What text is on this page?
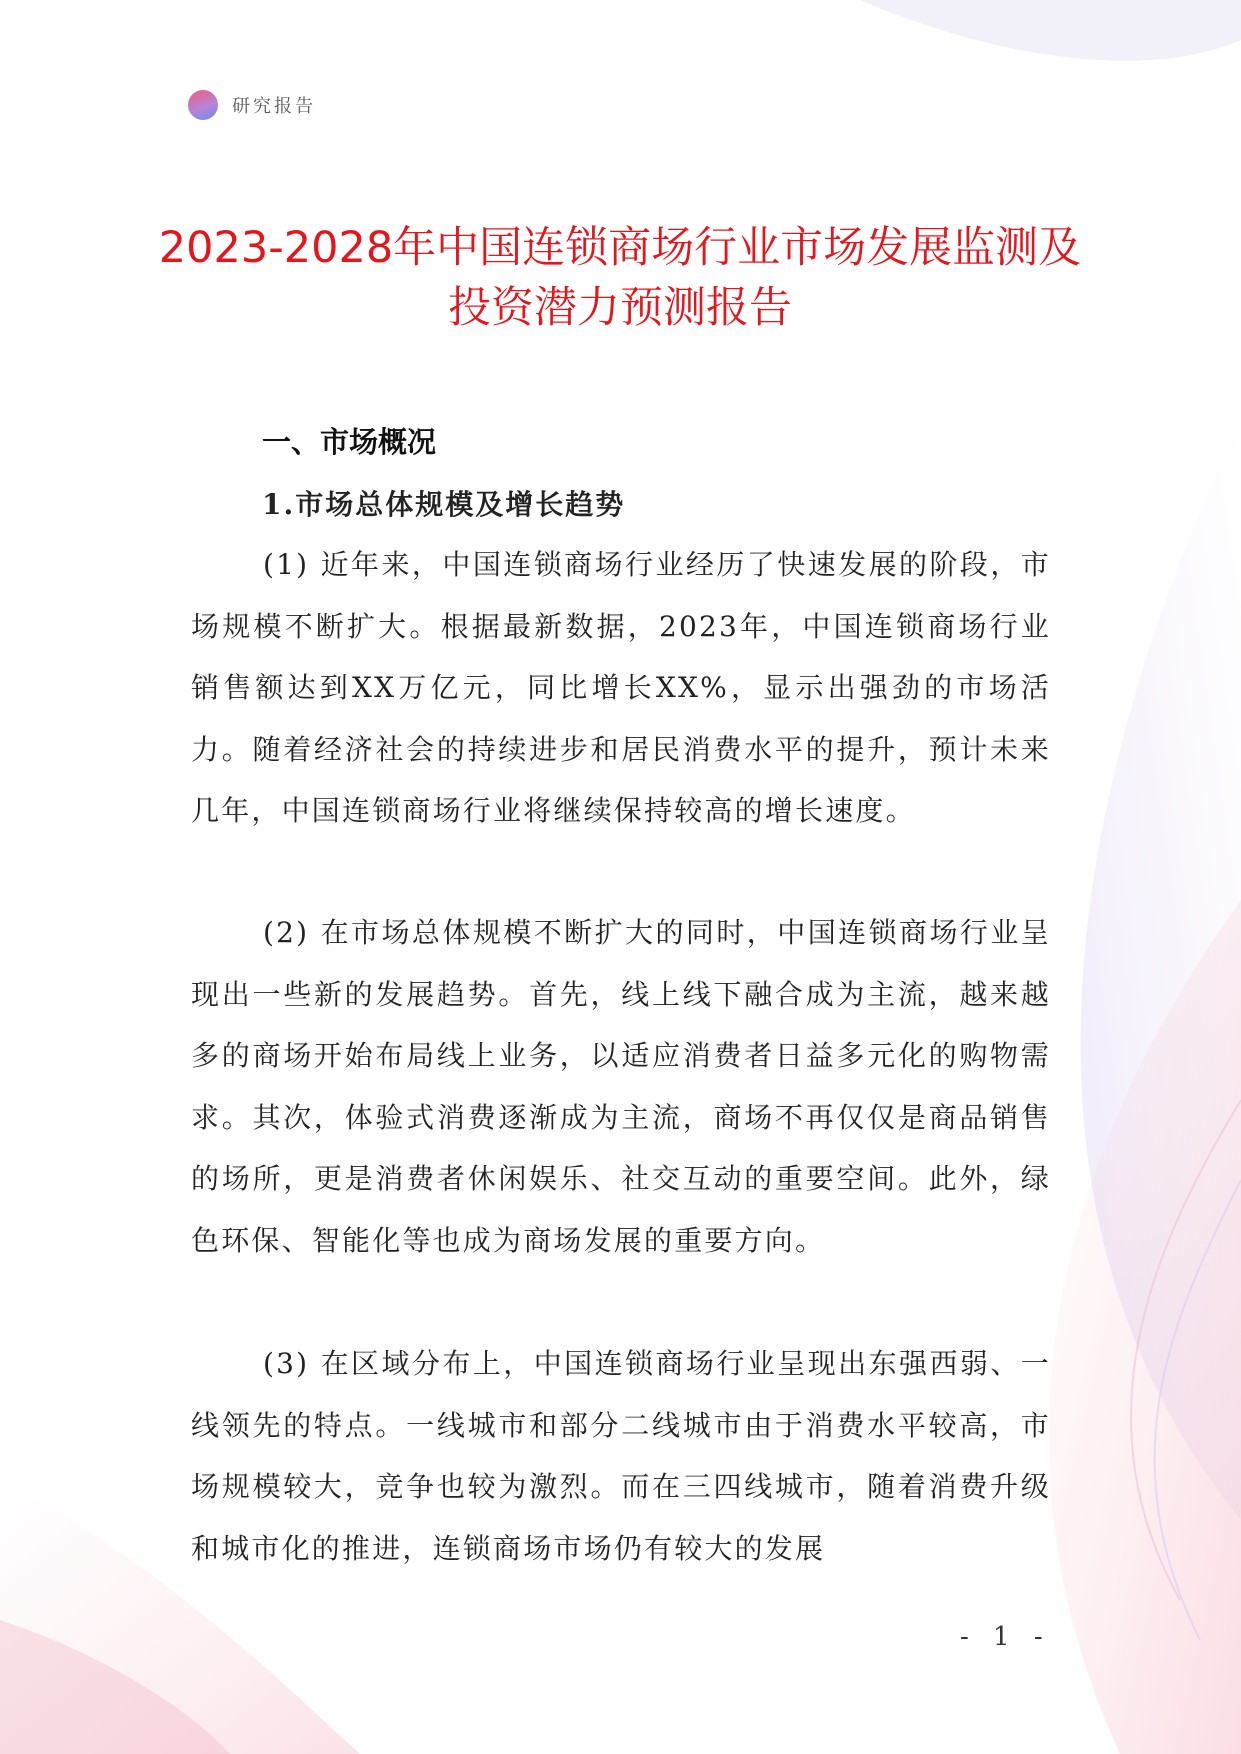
研究报告
2023-2028年中国连锁商场行业市场发展监测及投资潜力预测报告
一、市场概况
1.市场总体规模及增长趋势

(1) 近年来，中国连锁商场行业经历了快速发展的阶段，市场规模不断扩大。根据最新数据，2023年，中国连锁商场行业销售额达到XX万亿元，同比增长XX%，显示出强劲的市场活力。随着经济社会的持续进步和居民消费水平的提升，预计未来几年，中国连锁商场行业将继续保持较高的增长速度。

(2) 在市场总体规模不断扩大的同时，中国连锁商场行业呈现出一些新的发展趋势。首先，线上线下融合成为主流，越来越多的商场开始布局线上业务，以适应消费者日益多元化的购物需求。其次，体验式消费逐渐成为主流，商场不再仅仅是商品销售的场所，更是消费者休闲娱乐、社交互动的重要空间。此外，绿色环保、智能化等也成为商场发展的重要方向。

(3) 在区域分布上，中国连锁商场行业呈现出东强西弱、一线领先的特点。一线城市和部分二线城市由于消费水平较高，市场规模较大，竞争也较为激烈。而在三四线城市，随着消费升级和城市化的推进，连锁商场市场仍有较大的发展

- 1 -
